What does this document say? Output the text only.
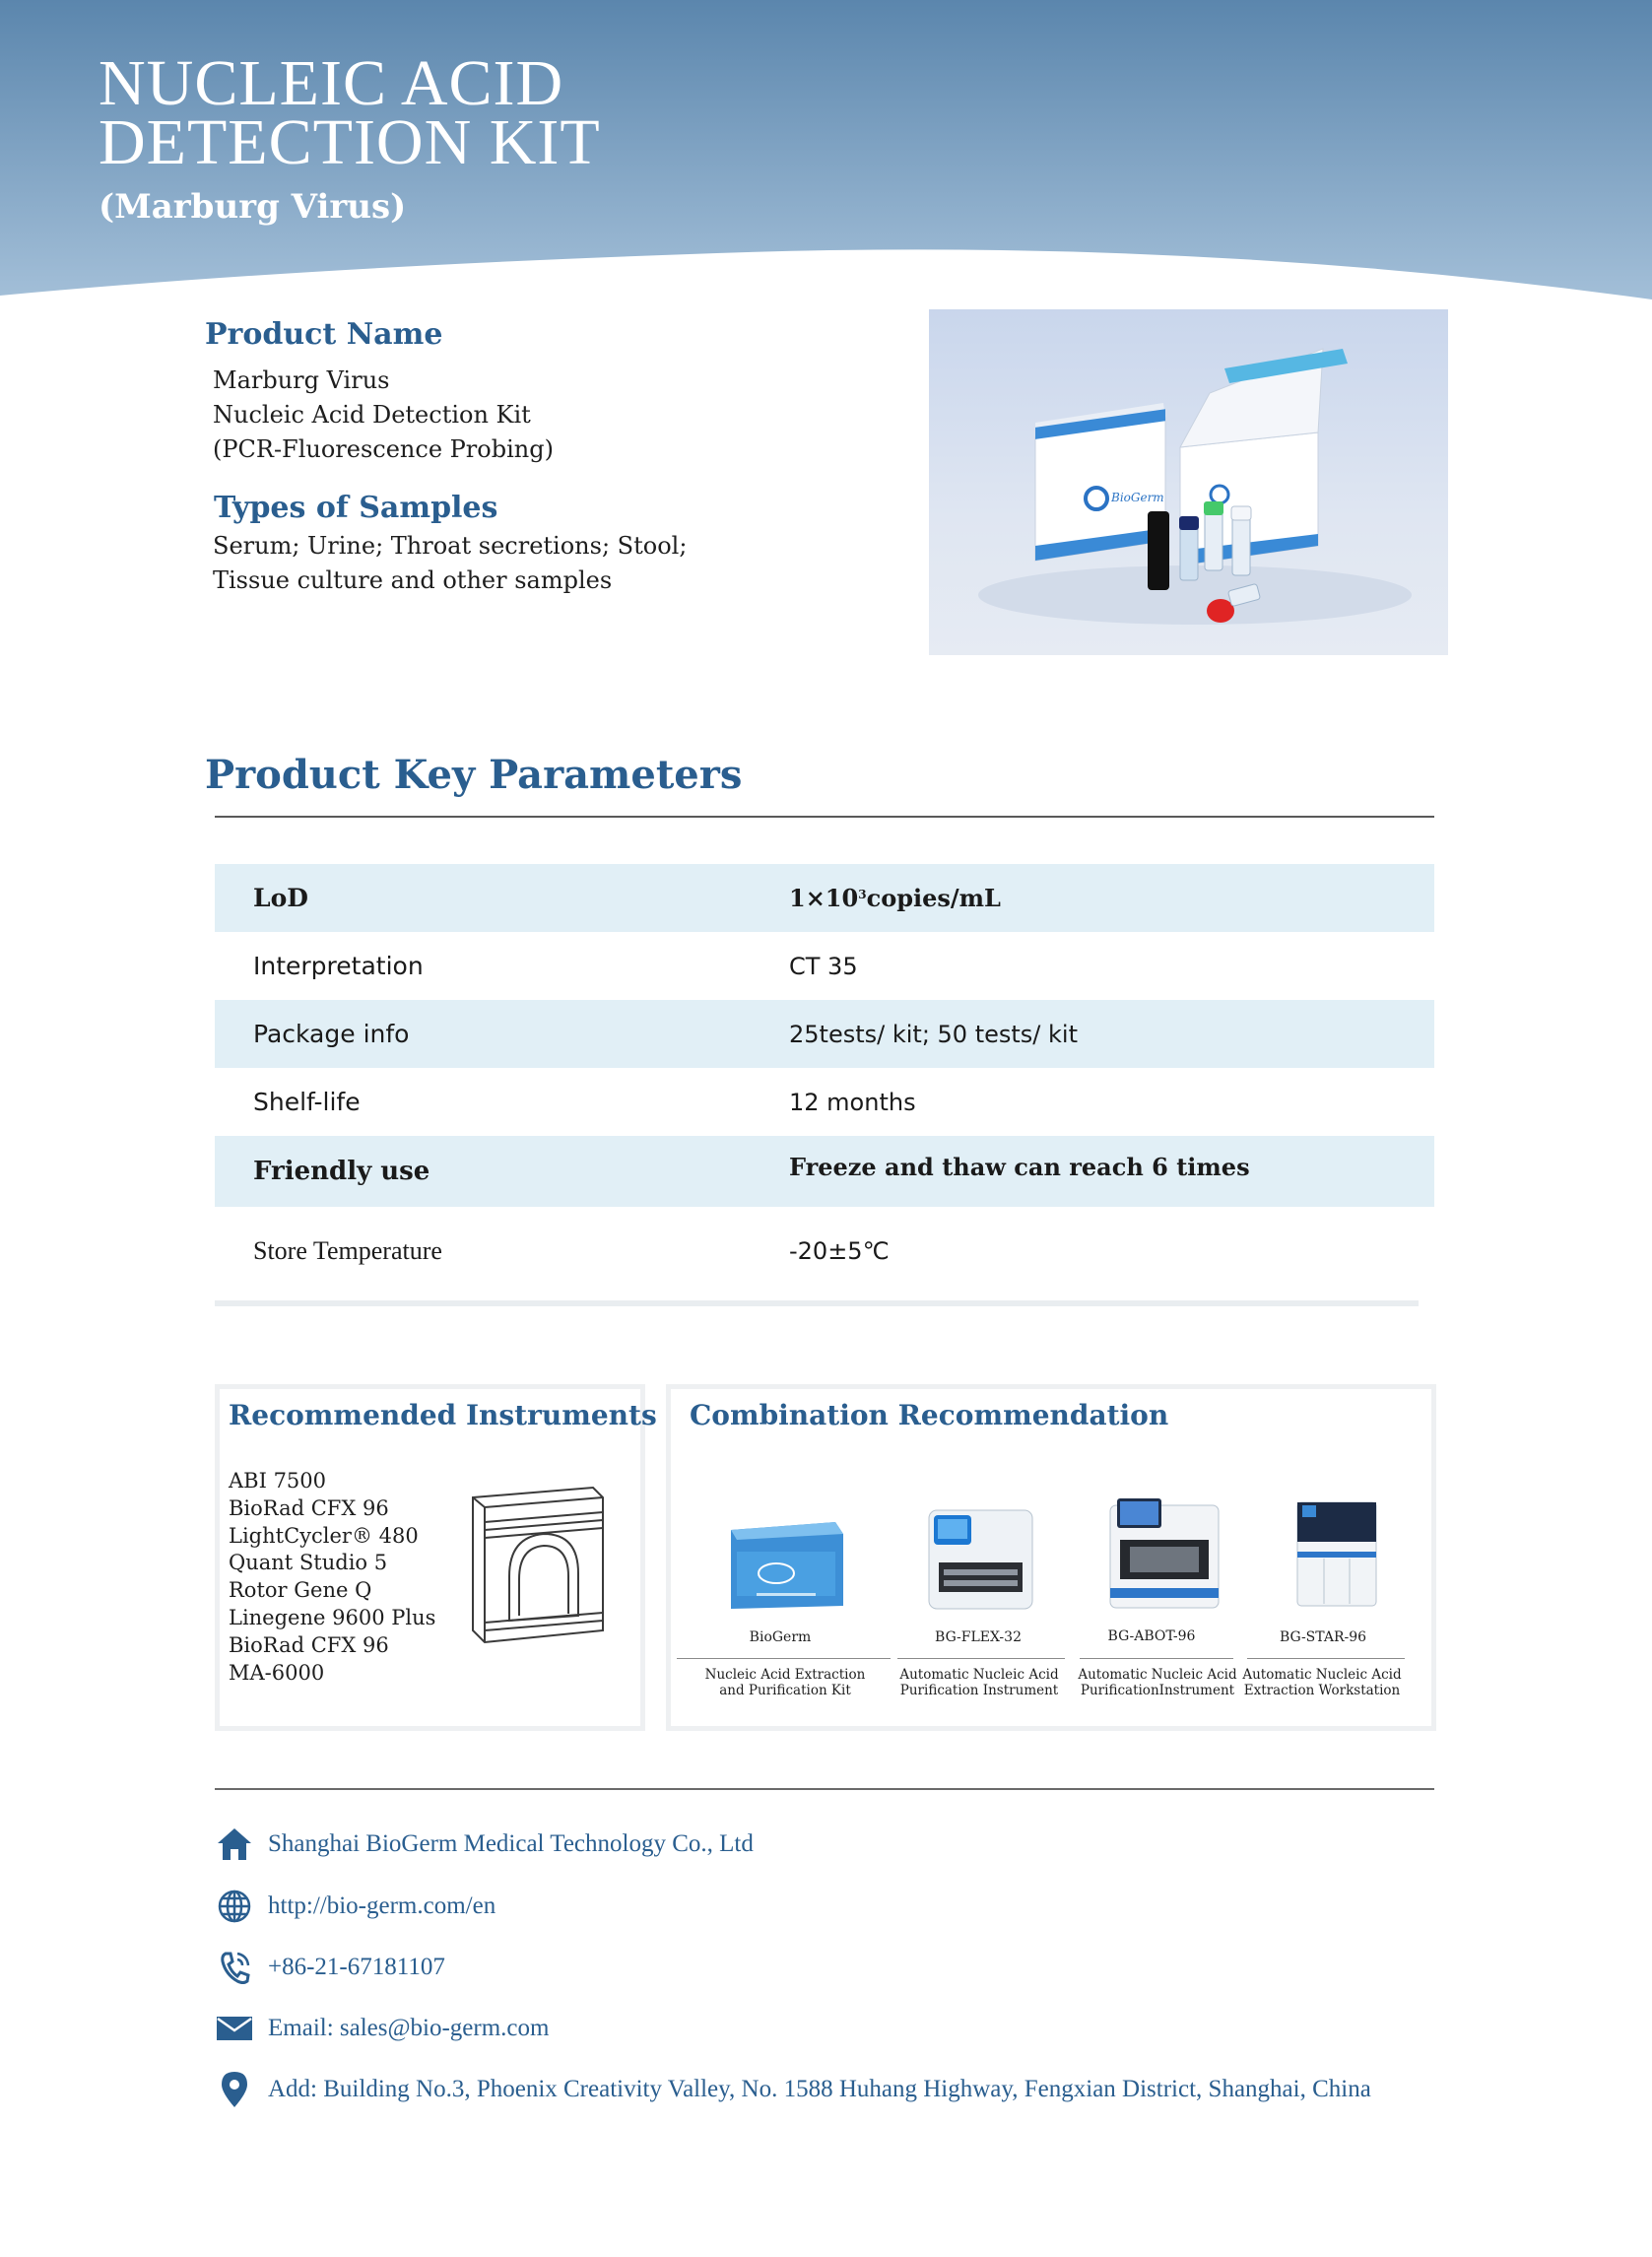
NUCLEIC ACID
DETECTION KIT
(Marburg Virus)
Product Name
Marburg Virus
Nucleic Acid Detection Kit
(PCR-Fluorescence Probing)
Types of Samples
Serum; Urine; Throat secretions; Stool;
Tissue culture and other samples
BioGerm
Product Key Parameters
LoD	$1\times 10^3$ copies/mL
Interpretation	CT 35
Package info	25tests/ kit; 50 tests/ kit
Shelf-life	12 months
Friendly use	Freeze and thaw can reach 6 times
Store Temperature	-20±5℃
Recommended Instruments
ABI 7500
BioRad CFX 96
LightCycler® 480
Quant Studio 5
Rotor Gene Q
Linegene 9600 Plus
BioRad CFX 96
MA-6000
Combination Recommendation
BioGerm	BG-FLEX-32	BG-ABOT-96	BG-STAR-96
Nucleic Acid Extraction
and Purification Kit
Automatic Nucleic Acid
Purification Instrument
Automatic Nucleic Acid
PurificationInstrument
Automatic Nucleic Acid
Extraction Workstation
Shanghai BioGerm Medical Technology Co., Ltd
http://bio-germ.com/en
+86-21-67181107
Email: sales@bio-germ.com
Add: Building No.3, Phoenix Creativity Valley, No. 1588 Huhang Highway, Fengxian District, Shanghai, China
